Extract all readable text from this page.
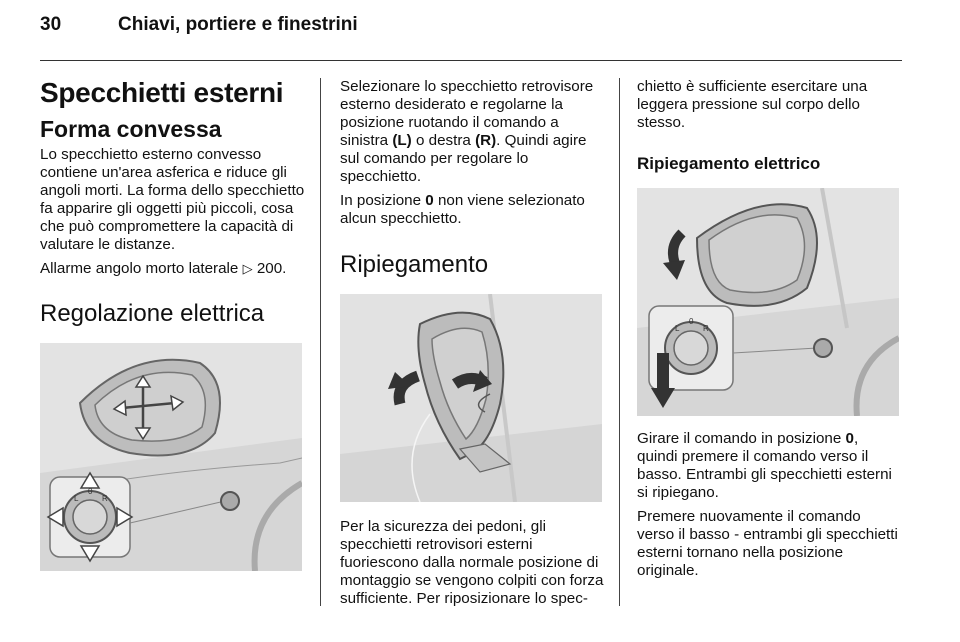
30	Chiavi, portiere e finestrini
Specchietti esterni
Forma convessa

Lo specchietto esterno convesso contiene un'area asferica e riduce gli angoli morti. La forma dello specchietto fa apparire gli oggetti più piccoli, cosa che può compromettere la capacità di valutare le distanze.

Allarme angolo morto laterale ▷ 200.

Regolazione elettrica
L
0
R

Selezionare lo specchietto retrovisore esterno desiderato e regolarne la posizione ruotando il comando a sinistra (L) o destra (R). Quindi agire sul comando per regolare lo specchietto.

In posizione 0 non viene selezionato alcun specchietto.

Ripiegamento

Per la sicurezza dei pedoni, gli specchietti retrovisori esterni fuoriescono dalla normale posizione di montaggio se vengono colpiti con forza sufficiente. Per riposizionare lo spec-

chietto è sufficiente esercitare una leggera pressione sul corpo dello stesso.

Ripiegamento elettrico
L
0
R

Girare il comando in posizione 0, quindi premere il comando verso il basso. Entrambi gli specchietti esterni si ripiegano.

Premere nuovamente il comando verso il basso - entrambi gli specchietti esterni tornano nella posizione originale.
